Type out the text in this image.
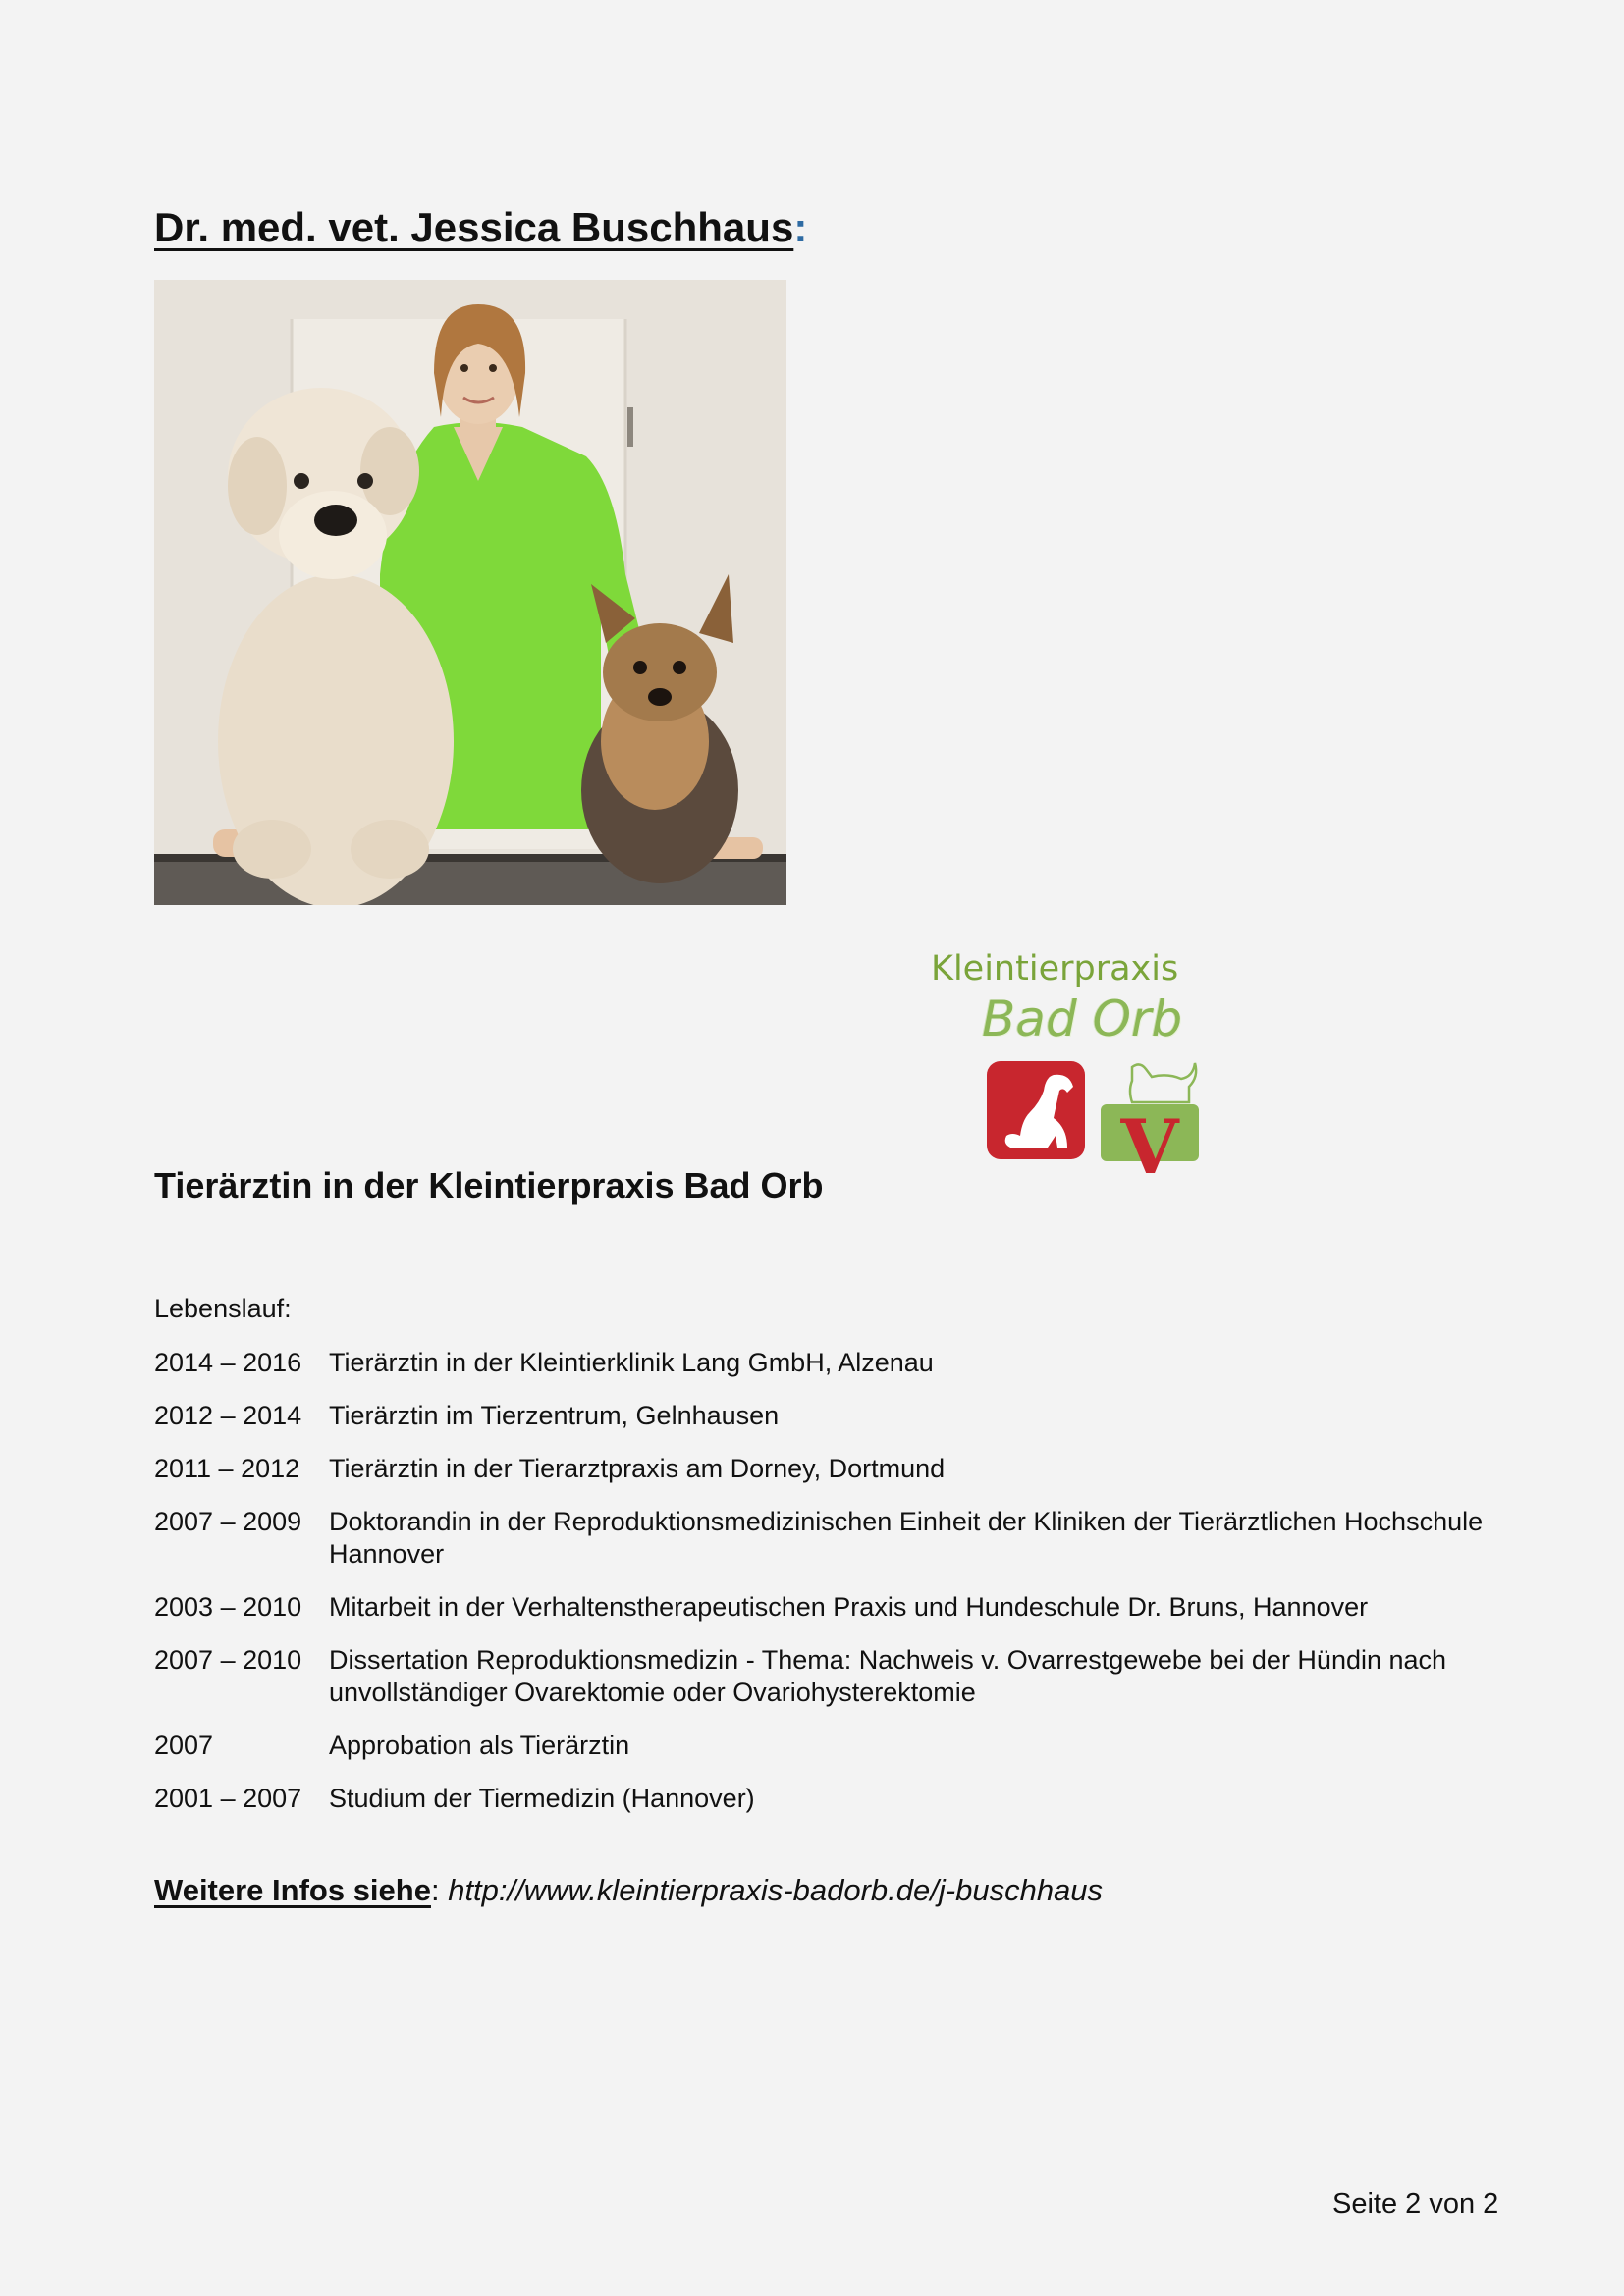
Dr. med. vet. Jessica Buschhaus:
Kleintierpraxis
Bad Orb
V
Tierärztin in der Kleintierpraxis Bad Orb
Lebenslauf:
2014 – 2016	Tierärztin in der Kleintierklinik Lang GmbH, Alzenau
2012 – 2014	Tierärztin im Tierzentrum, Gelnhausen
2011 – 2012	Tierärztin in der Tierarztpraxis am Dorney, Dortmund
2007 – 2009	Doktorandin in der Reproduktionsmedizinischen Einheit der Kliniken der Tierärztlichen Hochschule Hannover
2003 – 2010	Mitarbeit in der Verhaltenstherapeutischen Praxis und Hundeschule Dr. Bruns, Hannover
2007 – 2010	Dissertation Reproduktionsmedizin - Thema: Nachweis v. Ovarrestgewebe bei der Hündin nach unvollständiger Ovarektomie oder Ovariohysterektomie
2007	Approbation als Tierärztin
2001 – 2007	Studium der Tiermedizin (Hannover)
Weitere Infos siehe: http://www.kleintierpraxis-badorb.de/j-buschhaus
Seite 2 von 2
